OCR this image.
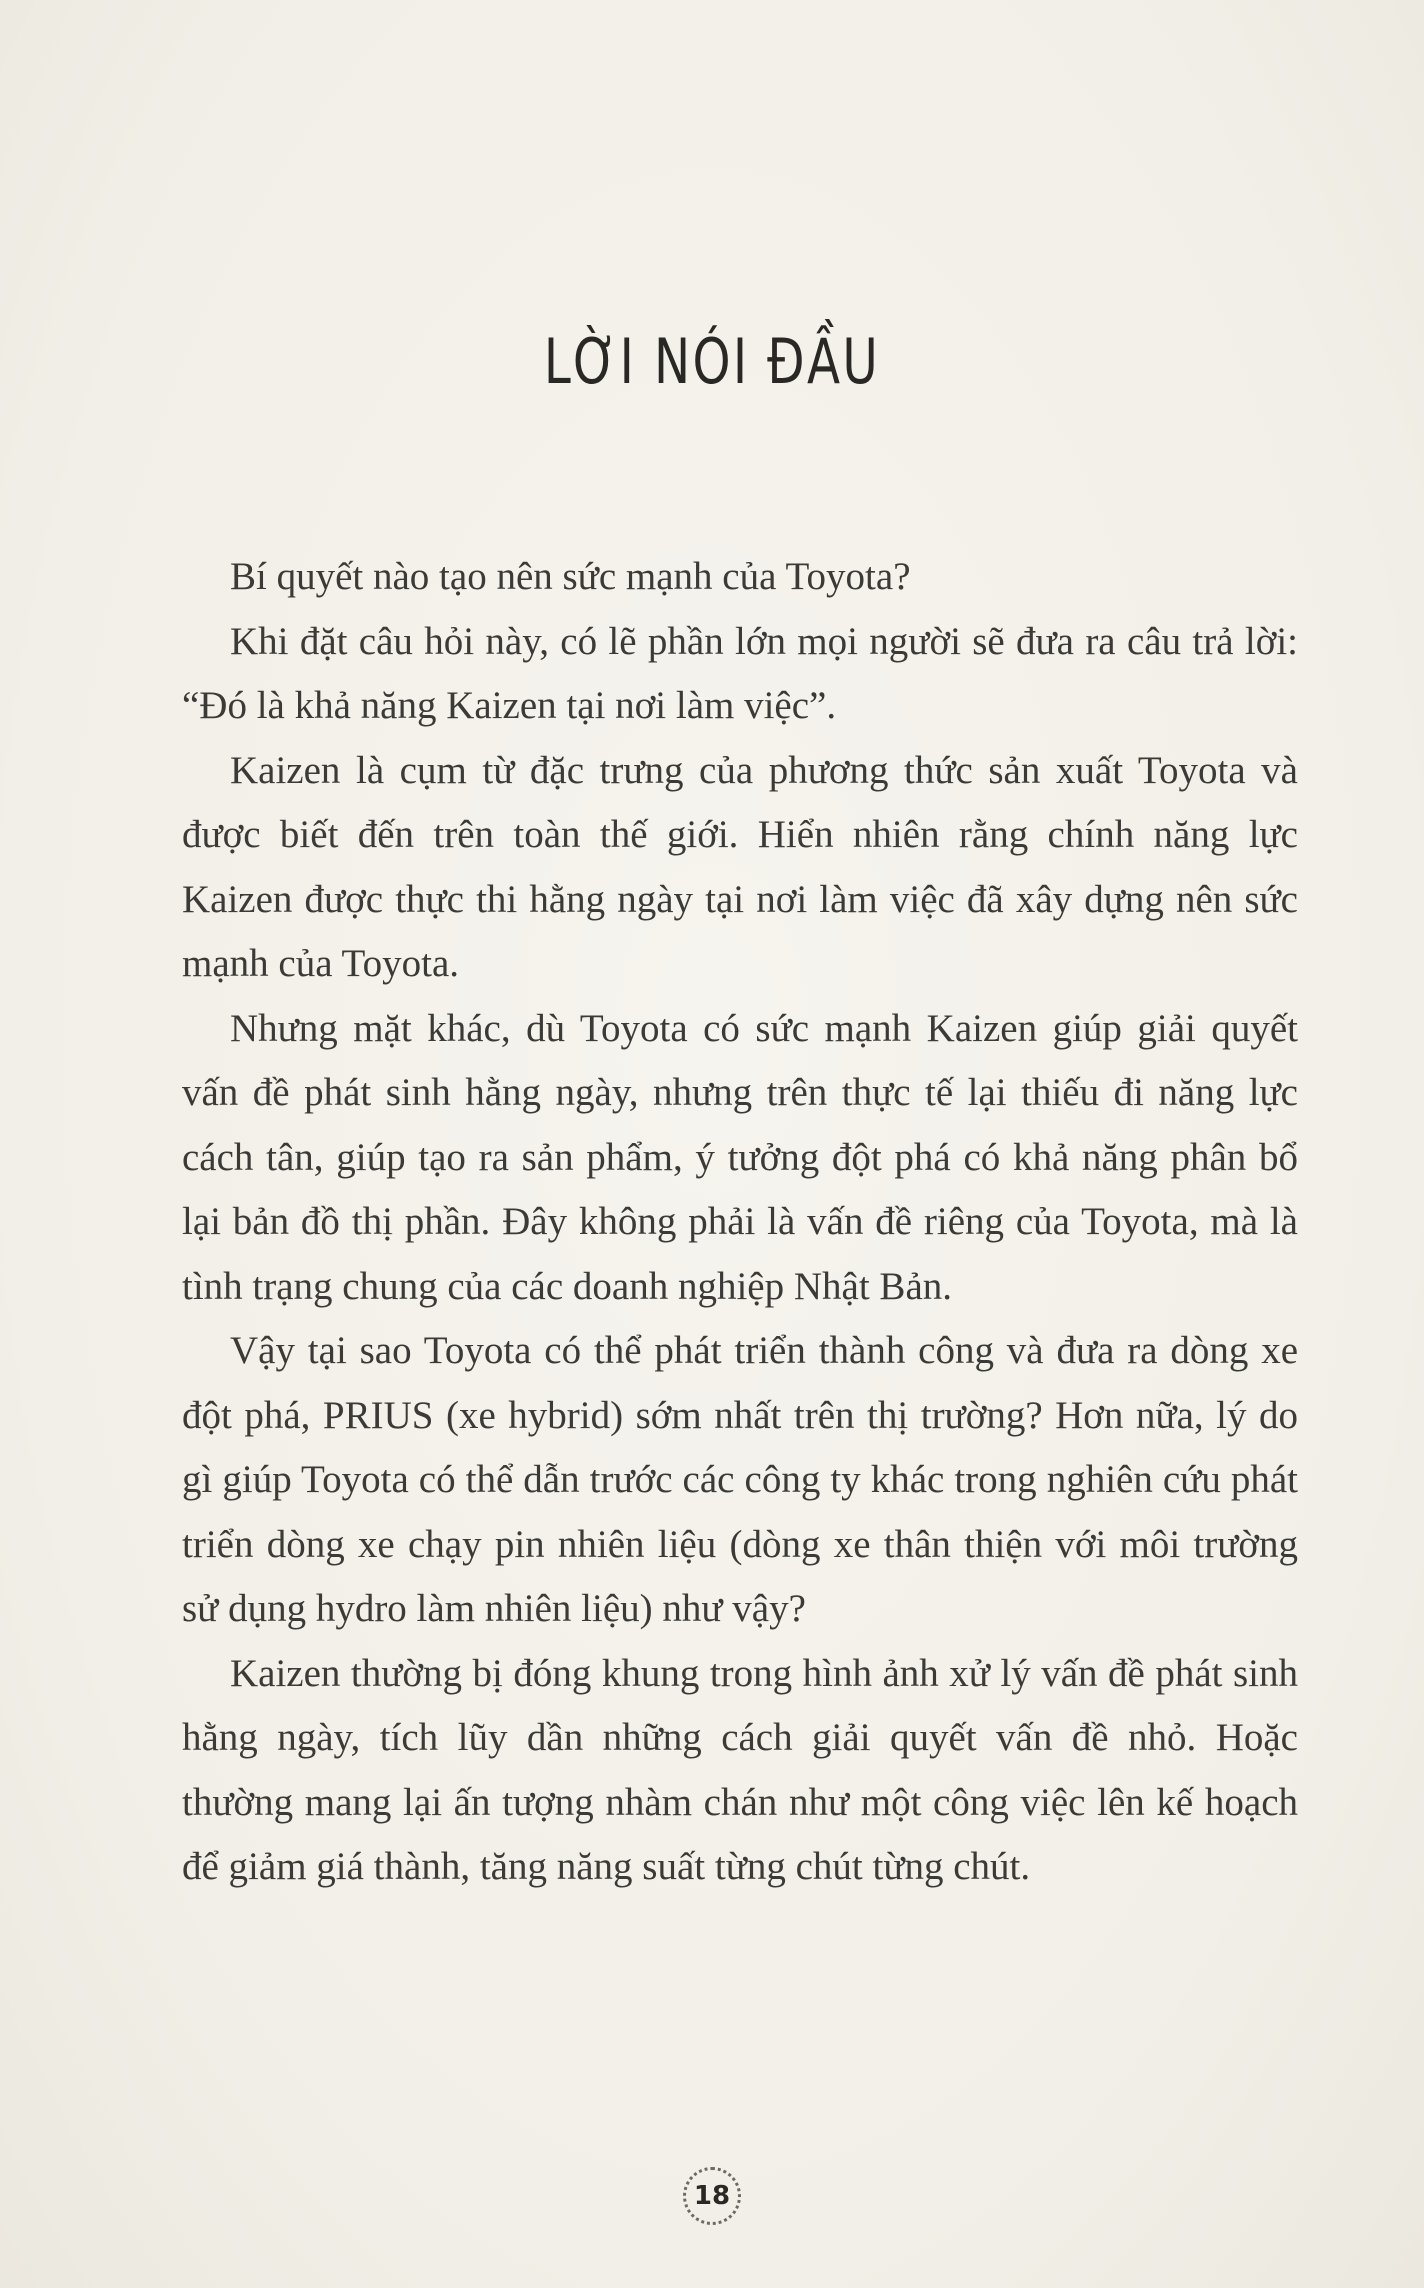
LỜI NÓI ĐẦU

Bí quyết nào tạo nên sức mạnh của Toyota?

Khi đặt câu hỏi này, có lẽ phần lớn mọi người sẽ đưa ra câu trả lời: “Đó là khả năng Kaizen tại nơi làm việc”.

Kaizen là cụm từ đặc trưng của phương thức sản xuất Toyota và được biết đến trên toàn thế giới. Hiển nhiên rằng chính năng lực Kaizen được thực thi hằng ngày tại nơi làm việc đã xây dựng nên sức mạnh của Toyota.

Nhưng mặt khác, dù Toyota có sức mạnh Kaizen giúp giải quyết vấn đề phát sinh hằng ngày, nhưng trên thực tế lại thiếu đi năng lực cách tân, giúp tạo ra sản phẩm, ý tưởng đột phá có khả năng phân bổ lại bản đồ thị phần. Đây không phải là vấn đề riêng của Toyota, mà là tình trạng chung của các doanh nghiệp Nhật Bản.

Vậy tại sao Toyota có thể phát triển thành công và đưa ra dòng xe đột phá, PRIUS (xe hybrid) sớm nhất trên thị trường? Hơn nữa, lý do gì giúp Toyota có thể dẫn trước các công ty khác trong nghiên cứu phát triển dòng xe chạy pin nhiên liệu (dòng xe thân thiện với môi trường sử dụng hydro làm nhiên liệu) như vậy?

Kaizen thường bị đóng khung trong hình ảnh xử lý vấn đề phát sinh hằng ngày, tích lũy dần những cách giải quyết vấn đề nhỏ. Hoặc thường mang lại ấn tượng nhàm chán như một công việc lên kế hoạch để giảm giá thành, tăng năng suất từng chút từng chút.

18
